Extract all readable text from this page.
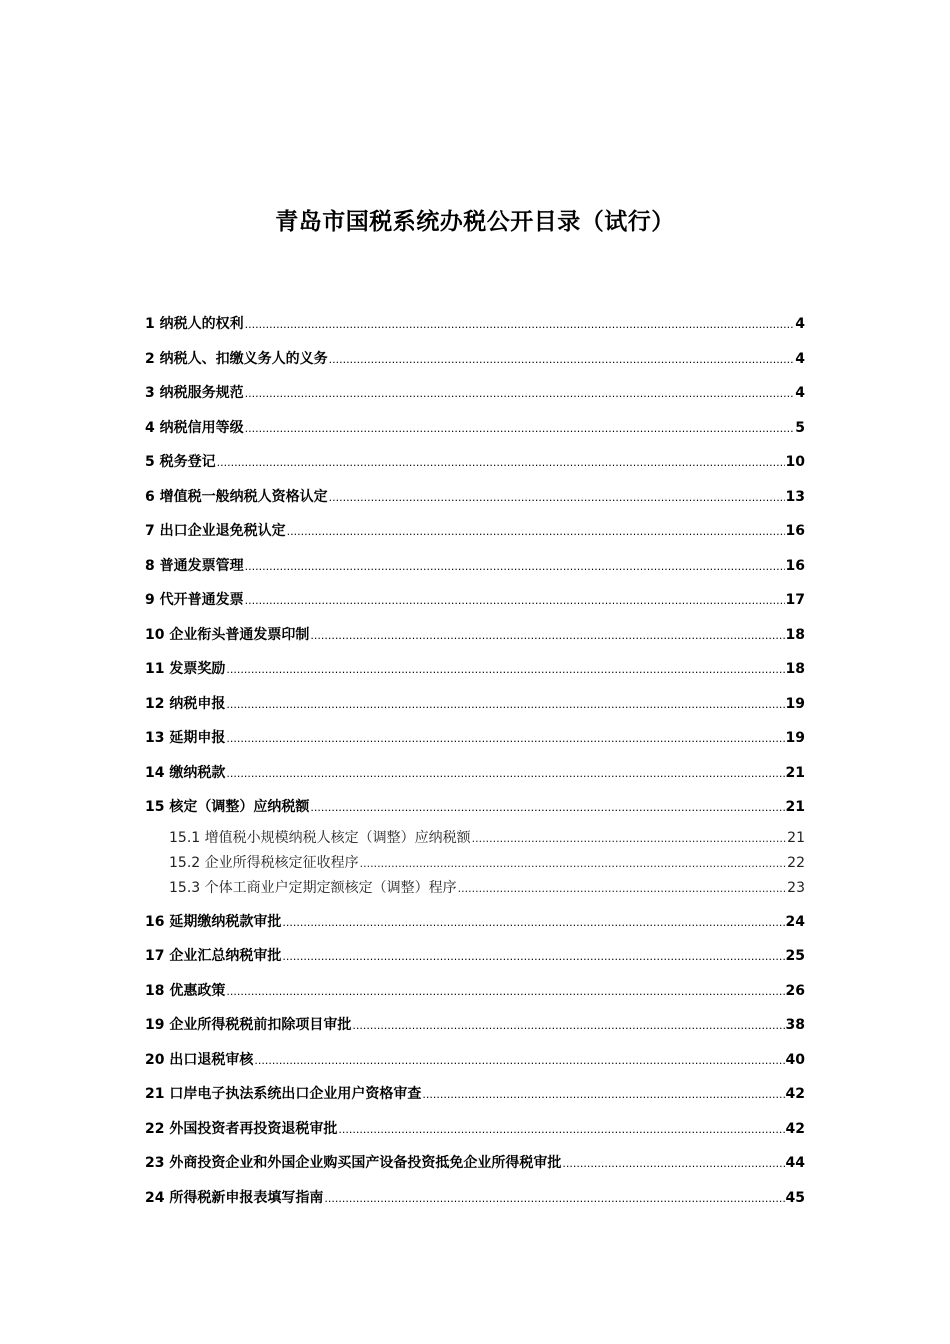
青岛市国税系统办税公开目录（试行）
1 纳税人的权利 .....	4
2 纳税人、扣缴义务人的义务 .....	4
3 纳税服务规范 .....	4
4 纳税信用等级 .....	5
5 税务登记 .....	10
6 增值税一般纳税人资格认定 .....	13
7 出口企业退免税认定 .....	16
8 普通发票管理 .....	16
9 代开普通发票 .....	17
10 企业衔头普通发票印制 .....	18
11 发票奖励 .....	18
12 纳税申报 .....	19
13 延期申报 .....	19
14 缴纳税款 .....	21
15 核定（调整）应纳税额 .....	21
15.1 增值税小规模纳税人核定（调整）应纳税额 .....	21
15.2 企业所得税核定征收程序 .....	22
15.3 个体工商业户定期定额核定（调整）程序 .....	23
16 延期缴纳税款审批 .....	24
17 企业汇总纳税审批 .....	25
18 优惠政策 .....	26
19 企业所得税税前扣除项目审批 .....	38
20 出口退税审核 .....	40
21 口岸电子执法系统出口企业用户资格审查 .....	42
22 外国投资者再投资退税审批 .....	42
23 外商投资企业和外国企业购买国产设备投资抵免企业所得税审批 .....	44
24 所得税新申报表填写指南 .....	45
